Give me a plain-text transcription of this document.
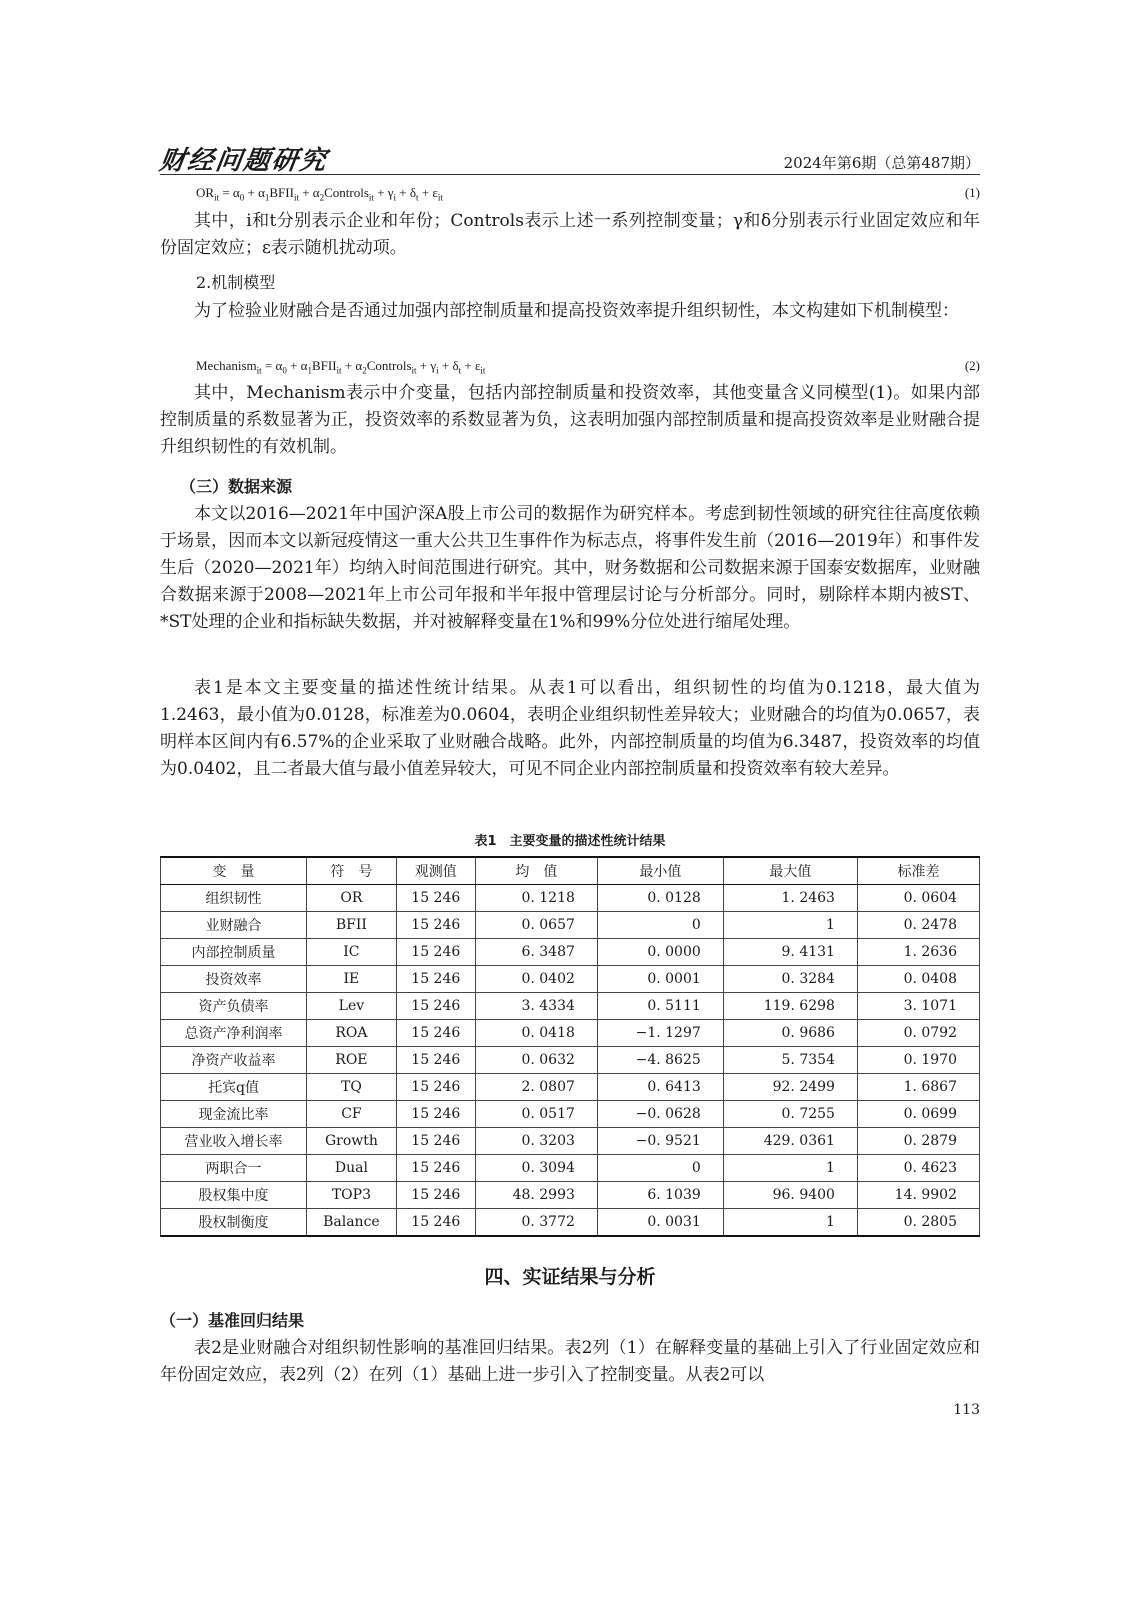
财经问题研究	2024年第6期（总第487期）
$OR_{it} = \alpha_0$ + $\alpha_1BFII_{it}$ + $\alpha_2Controls_{it} + \gamma_i + \delta_t + \varepsilon_{it}$	(1)
其中，i和t分别表示企业和年份；Controls表示上述一系列控制变量；γ和δ分别表示行业固定效应和年份固定效应；ε表示随机扰动项。
2.机制模型
为了检验业财融合是否通过加强内部控制质量和提高投资效率提升组织韧性，本文构建如下机制模型：
Mechanism$_{it}$ = $\alpha_0$ + $\alpha_1BFII_{it}$ + $\alpha_2Controls_{it} + \gamma_i + \delta_t + \varepsilon_{it}$	(2)
其中，Mechanism表示中介变量，包括内部控制质量和投资效率，其他变量含义同模型(1)。如果内部控制质量的系数显著为正，投资效率的系数显著为负，这表明加强内部控制质量和提高投资效率是业财融合提升组织韧性的有效机制。
（三）数据来源
本文以2016—2021年中国沪深A股上市公司的数据作为研究样本。考虑到韧性领域的研究往往高度依赖于场景，因而本文以新冠疫情这一重大公共卫生事件作为标志点，将事件发生前（2016—2019年）和事件发生后（2020—2021年）均纳入时间范围进行研究。其中，财务数据和公司数据来源于国泰安数据库，业财融合数据来源于2008—2021年上市公司年报和半年报中管理层讨论与分析部分。同时，剔除样本期内被ST、*ST处理的企业和指标缺失数据，并对被解释变量在1%和99%分位处进行缩尾处理。
表1是本文主要变量的描述性统计结果。从表1可以看出，组织韧性的均值为0.1218，最大值为1.2463，最小值为0.0128，标准差为0.0604，表明企业组织韧性差异较大；业财融合的均值为0.0657，表明样本区间内有6.57%的企业采取了业财融合战略。此外，内部控制质量的均值为6.3487，投资效率的均值为0.0402，且二者最大值与最小值差异较大，可见不同企业内部控制质量和投资效率有较大差异。
表1　主要变量的描述性统计结果
变　量	符　号	观测值	均　值	最小值	最大值	标准差
组织韧性	OR	15 246	0. 1218	0. 0128	1. 2463	0. 0604
业财融合	BFII	15 246	0. 0657	0	1	0. 2478
内部控制质量	IC	15 246	6. 3487	0. 0000	9. 4131	1. 2636
投资效率	IE	15 246	0. 0402	0. 0001	0. 3284	0. 0408
资产负债率	Lev	15 246	3. 4334	0. 5111	119. 6298	3. 1071
总资产净利润率	ROA	15 246	0. 0418	−1. 1297	0. 9686	0. 0792
净资产收益率	ROE	15 246	0. 0632	−4. 8625	5. 7354	0. 1970
托宾q值	TQ	15 246	2. 0807	0. 6413	92. 2499	1. 6867
现金流比率	CF	15 246	0. 0517	−0. 0628	0. 7255	0. 0699
营业收入增长率	Growth	15 246	0. 3203	−0. 9521	429. 0361	0. 2879
两职合一	Dual	15 246	0. 3094	0	1	0. 4623
股权集中度	TOP3	15 246	48. 2993	6. 1039	96. 9400	14. 9902
股权制衡度	Balance	15 246	0. 3772	0. 0031	1	0. 2805
四、实证结果与分析
（一）基准回归结果
表2是业财融合对组织韧性影响的基准回归结果。表2列（1）在解释变量的基础上引入了行业固定效应和年份固定效应，表2列（2）在列（1）基础上进一步引入了控制变量。从表2可以
113
